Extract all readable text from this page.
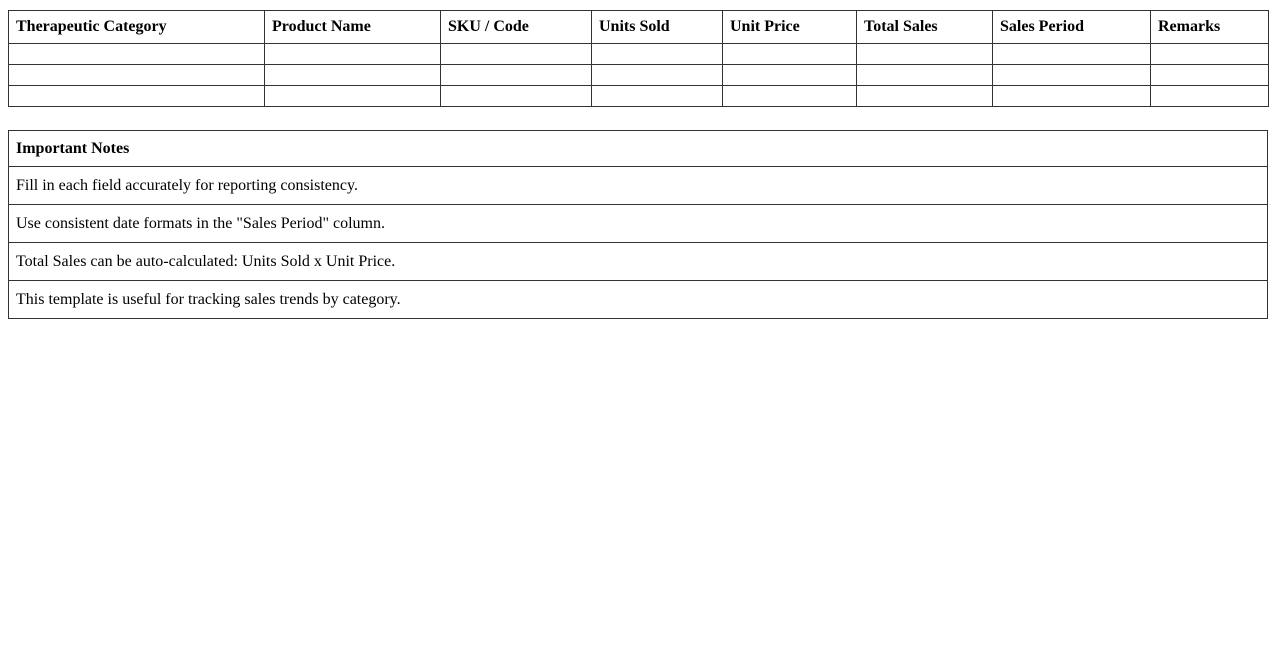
Therapeutic Category	Product Name	SKU / Code	Units Sold	Unit Price	Total Sales	Sales Period	Remarks

Important Notes
Fill in each field accurately for reporting consistency.
Use consistent date formats in the "Sales Period" column.
Total Sales can be auto-calculated: Units Sold x Unit Price.
This template is useful for tracking sales trends by category.
